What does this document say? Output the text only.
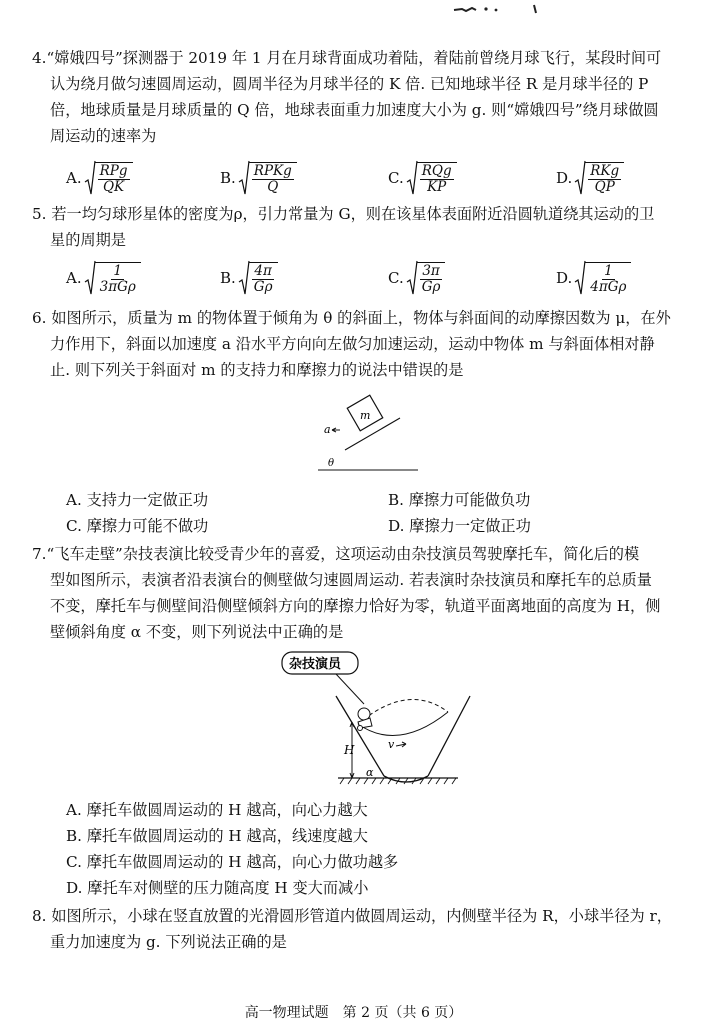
4.“嫦娥四号”探测器于 2019 年 1 月在月球背面成功着陆，着陆前曾绕月球飞行，某段时间可
认为绕月做匀速圆周运动，圆周半径为月球半径的 K 倍. 已知地球半径 R 是月球半径的 P
倍，地球质量是月球质量的 Q 倍，地球表面重力加速度大小为 g. 则“嫦娥四号”绕月球做圆
周运动的速率为
A. $\frac{\text{RPg}}{QK}$	B. $\frac{\text{RPKg}}{Q}$	C. $\frac{\text{RQg}}{KP}$	D. $\frac{\text{RKg}}{QP}$
5. 若一均匀球形星体的密度为ρ，引力常量为 G，则在该星体表面附近沿圆轨道绕其运动的卫
星的周期是
A. $\frac{1}{\text{3πGρ}}$	B. $\frac{4\pi}{G\rho}$	C. $\frac{3\pi}{G\rho}$	D. $\frac{1}{\text{4πGρ}}$
6. 如图所示，质量为 m 的物体置于倾角为 θ 的斜面上，物体与斜面间的动摩擦因数为 μ，在外
力作用下，斜面以加速度 a 沿水平方向向左做匀加速运动，运动中物体 m 与斜面体相对静
止. 则下列关于斜面对 m 的支持力和摩擦力的说法中错误的是
m
a
θ
A. 支持力一定做正功	B. 摩擦力可能做负功
C. 摩擦力可能不做功	D. 摩擦力一定做正功
7.“飞车走壁”杂技表演比较受青少年的喜爱，这项运动由杂技演员驾驶摩托车，简化后的模
型如图所示，表演者沿表演台的侧壁做匀速圆周运动. 若表演时杂技演员和摩托车的总质量
不变，摩托车与侧壁间沿侧壁倾斜方向的摩擦力恰好为零，轨道平面离地面的高度为 H，侧
壁倾斜角度 α 不变，则下列说法中正确的是
杂技演员
v
H
α
A. 摩托车做圆周运动的 H 越高，向心力越大
B. 摩托车做圆周运动的 H 越高，线速度越大
C. 摩托车做圆周运动的 H 越高，向心力做功越多
D. 摩托车对侧壁的压力随高度 H 变大而减小
8. 如图所示，小球在竖直放置的光滑圆形管道内做圆周运动，内侧壁半径为 R，小球半径为 r，
重力加速度为 g. 下列说法正确的是
高一物理试题　第 2 页（共 6 页）
